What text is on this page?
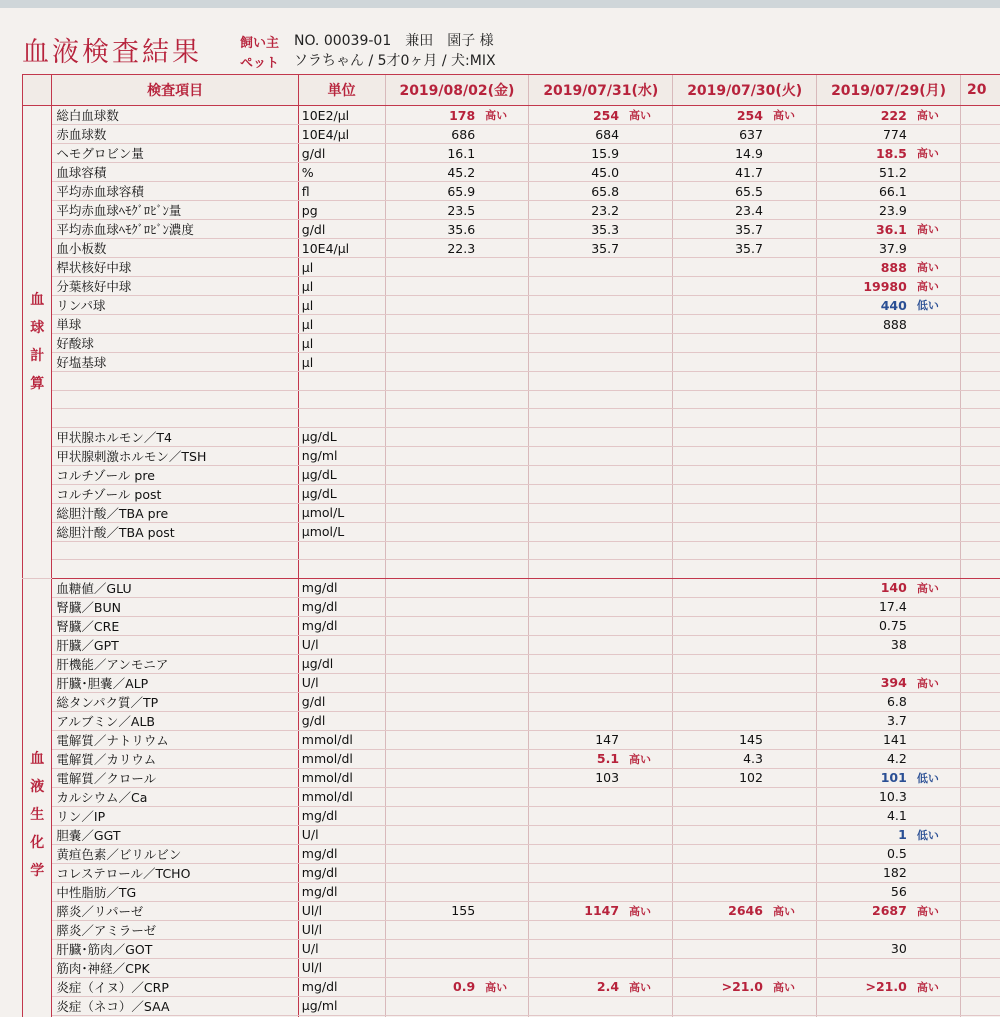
血液検査結果	飼い主
ペット
NO. 00039-01　兼田　園子 様
ソラちゃん / 5才0ヶ月 / 犬:MIX
	検査項目	単位	2019/08/02(金)		2019/07/31(水)		2019/07/30(火)		2019/07/29(月)		20

血
球
計
算	総白血球数	10E2/μl	178	高い	254	高い	254	高い	222	高い	
	赤血球数	10E4/μl	686		684		637		774		
	ヘモグロビン量	g/dl	16.1		15.9		14.9		18.5	高い	
	血球容積	%	45.2		45.0		41.7		51.2		
	平均赤血球容積	fl	65.9		65.8		65.5		66.1		
	平均赤血球ﾍﾓｸﾞﾛﾋﾞﾝ量	pg	23.5		23.2		23.4		23.9		
	平均赤血球ﾍﾓｸﾞﾛﾋﾞﾝ濃度	g/dl	35.6		35.3		35.7		36.1	高い	
	血小板数	10E4/μl	22.3		35.7		35.7		37.9		
	桿状核好中球	μl							888	高い	
	分葉核好中球	μl							19980	高い	
	リンパ球	μl							440	低い	
	単球	μl							888		
	好酸球	μl									
	好塩基球	μl									

	甲状腺ホルモン／T4	μg/dL									
	甲状腺刺激ホルモン／TSH	ng/ml									
	コルチゾール pre	μg/dL									
	コルチゾール post	μg/dL									
	総胆汁酸／TBA pre	μmol/L									
	総胆汁酸／TBA post	μmol/L									

血
液
生
化
学	血糖値／GLU	mg/dl							140	高い	
	腎臓／BUN	mg/dl							17.4		
	腎臓／CRE	mg/dl							0.75		
	肝臓／GPT	U/l							38		
	肝機能／アンモニア	μg/dl									
	肝臓･胆嚢／ALP	U/l							394	高い	
	総タンパク質／TP	g/dl							6.8		
	アルブミン／ALB	g/dl							3.7		
	電解質／ナトリウム	mmol/dl			147		145		141		
	電解質／カリウム	mmol/dl			5.1	高い	4.3		4.2		
	電解質／クロール	mmol/dl			103		102		101	低い	
	カルシウム／Ca	mmol/dl							10.3		
	リン／IP	mg/dl							4.1		
	胆嚢／GGT	U/l							1	低い	
	黄疸色素／ビリルビン	mg/dl							0.5		
	コレステロール／TCHO	mg/dl							182		
	中性脂肪／TG	mg/dl							56		
	膵炎／リパーゼ	Ul/l	155		1147	高い	2646	高い	2687	高い	
	膵炎／アミラーゼ	Ul/l									
	肝臓･筋肉／GOT	U/l							30		
	筋肉･神経／CPK	Ul/l									
	炎症（イヌ）／CRP	mg/dl	0.9	高い	2.4	高い	>21.0	高い	>21.0	高い	
	炎症（ネコ）／SAA	μg/ml									
